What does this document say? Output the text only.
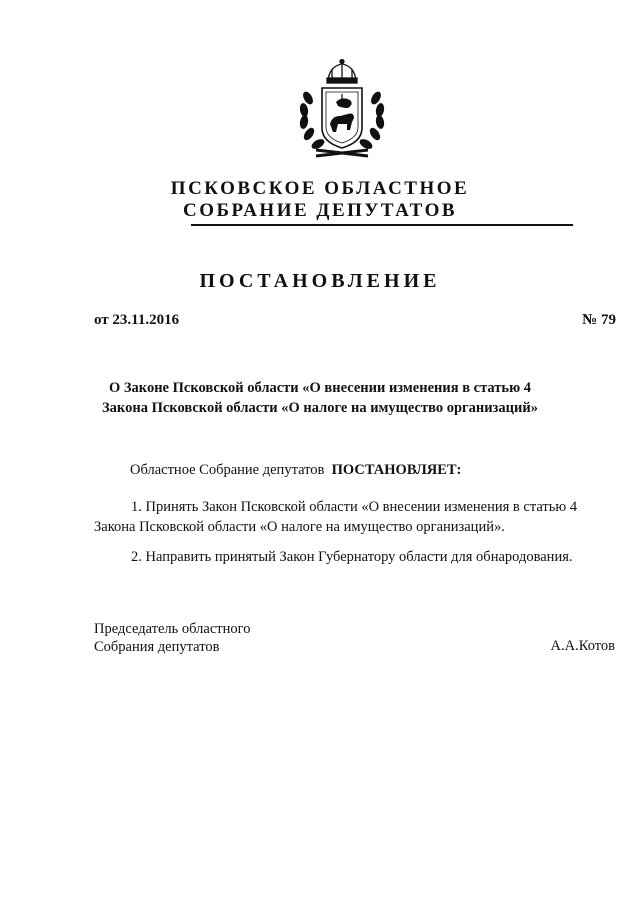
ПСКОВСКОЕ ОБЛАСТНОЕ
СОБРАНИЕ ДЕПУТАТОВ
ПОСТАНОВЛЕНИЕ
от 23.11.2016	№ 79
О Законе Псковской области «О внесении изменения в статью 4
Закона Псковской области «О налоге на имущество организаций»
Областное Собрание депутатов ПОСТАНОВЛЯЕТ:
1. Принять Закон Псковской области «О внесении изменения в статью 4
Закона Псковской области «О налоге на имущество организаций».
2. Направить принятый Закон Губернатору области для обнародования.
Председатель областного
Собрания депутатов	А.А.Котов
